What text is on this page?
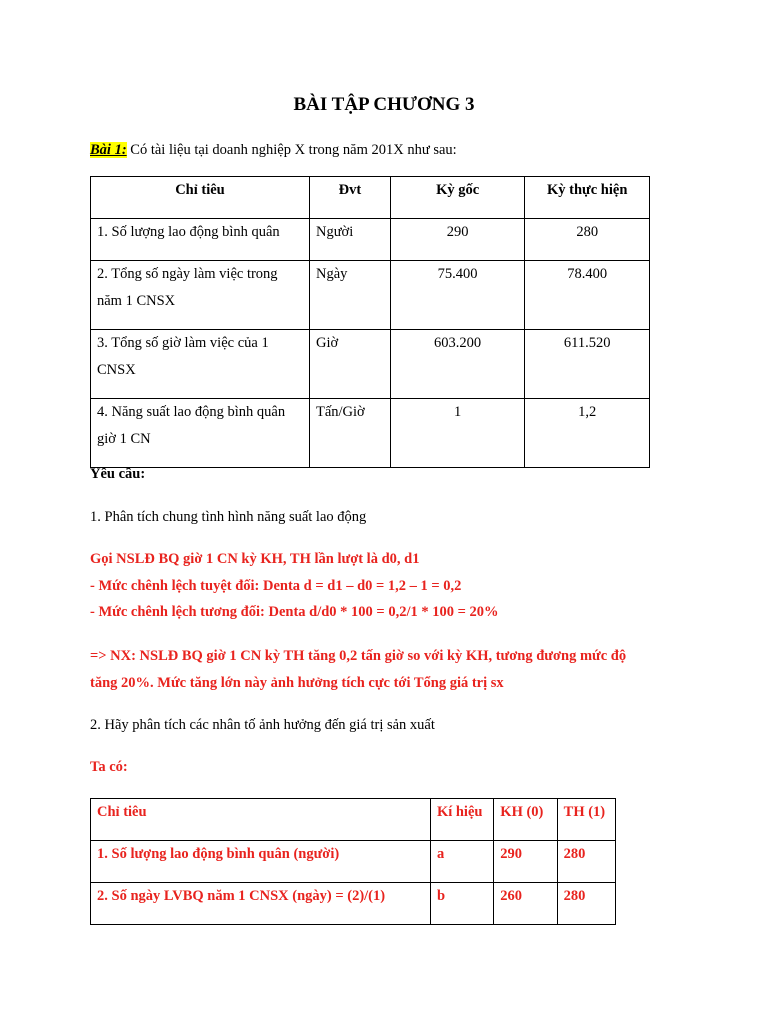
BÀI TẬP CHƯƠNG 3
Bài 1: Có tài liệu tại doanh nghiệp X trong năm 201X như sau:
Chỉ tiêu	Đvt	Kỳ gốc	Kỳ thực hiện
1. Số lượng lao động bình quân	Người	290	280
2. Tổng số ngày làm việc trong năm 1 CNSX	Ngày	75.400	78.400
3. Tổng số giờ làm việc của 1 CNSX	Giờ	603.200	611.520
4. Năng suất lao động bình quân giờ 1 CN	Tấn/Giờ	1	1,2
Yêu cầu:
1. Phân tích chung tình hình năng suất lao động
Gọi NSLĐ BQ giờ 1 CN kỳ KH, TH lần lượt là d0, d1
- Mức chênh lệch tuyệt đối: Denta d = d1 – d0 = 1,2 – 1 = 0,2
- Mức chênh lệch tương đối: Denta d/d0 * 100 = 0,2/1 * 100 = 20%
=> NX: NSLĐ BQ giờ 1 CN kỳ TH tăng 0,2 tấn giờ so với kỳ KH, tương đương mức độ
tăng 20%. Mức tăng lớn này ảnh hưởng tích cực tới Tổng giá trị sx
2. Hãy phân tích các nhân tố ảnh hưởng đến giá trị sản xuất
Ta có:
Chỉ tiêu	Kí hiệu	KH (0)	TH (1)
1. Số lượng lao động bình quân (người)	a	290	280
2. Số ngày LVBQ năm 1 CNSX (ngày) = (2)/(1)	b	260	280
